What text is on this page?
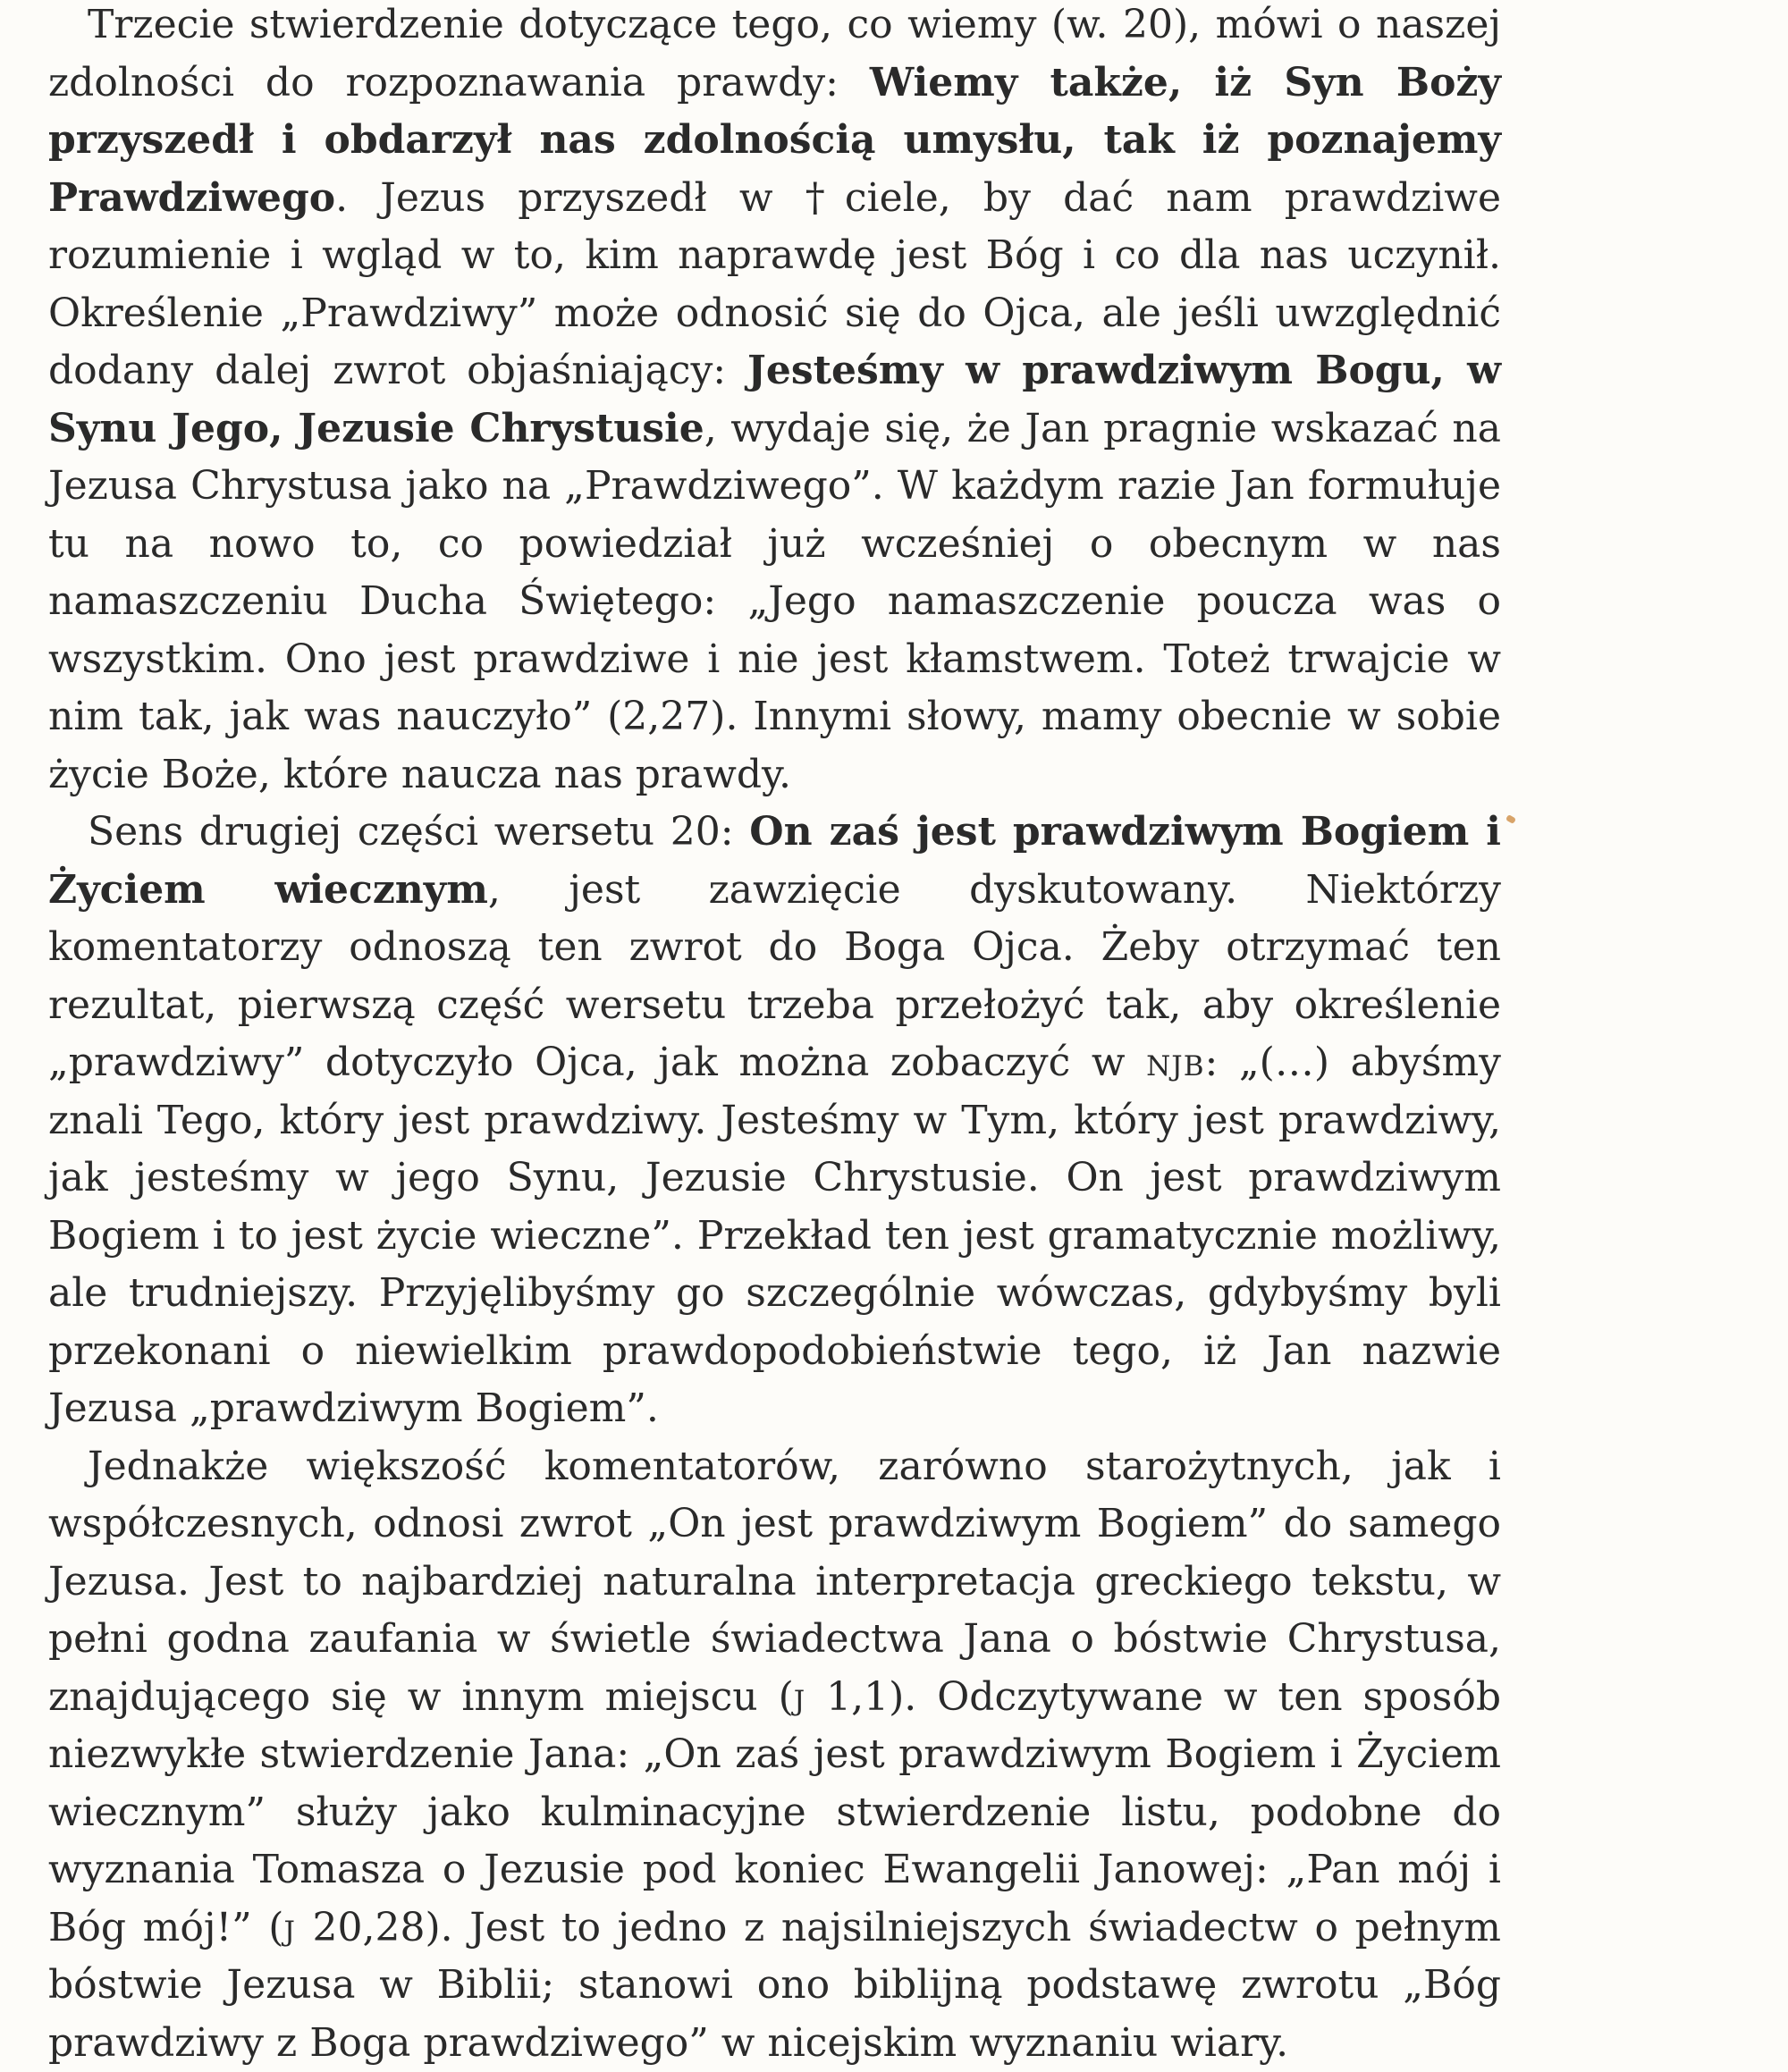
Trzecie stwierdzenie dotyczące tego, co wiemy (w. 20), mówi o naszej zdolności do rozpoznawania prawdy: Wiemy także, iż Syn Boży przyszedł i obdarzył nas zdolnością umysłu, tak iż poznajemy Prawdziwego. Jezus przyszedł w †ciele, by dać nam prawdziwe rozumienie i wgląd w to, kim naprawdę jest Bóg i co dla nas uczynił. Określenie „Prawdziwy” może odnosić się do Ojca, ale jeśli uwzględnić dodany dalej zwrot objaśniający: Jesteśmy w prawdziwym Bogu, w Synu Jego, Jezusie Chrystusie, wydaje się, że Jan pragnie wskazać na Jezusa Chrystusa jako na „Prawdziwego”. W każdym razie Jan formułuje tu na nowo to, co powiedział już wcześniej o obecnym w nas namaszczeniu Ducha Świętego: „Jego namaszczenie poucza was o wszystkim. Ono jest prawdziwe i nie jest kłamstwem. Toteż trwajcie w nim tak, jak was nauczyło” (2,27). Innymi słowy, mamy obecnie w sobie życie Boże, które naucza nas prawdy.

Sens drugiej części wersetu 20: On zaś jest prawdziwym Bogiem i Życiem wiecznym, jest zawzięcie dyskutowany. Niektórzy komentatorzy odnoszą ten zwrot do Boga Ojca. Żeby otrzymać ten rezultat, pierwszą część wersetu trzeba przełożyć tak, aby określenie „prawdziwy” dotyczyło Ojca, jak można zobaczyć w njb: „(…) abyśmy znali Tego, który jest prawdziwy. Jesteśmy w Tym, który jest prawdziwy, jak jesteśmy w jego Synu, Jezusie Chrystusie. On jest prawdziwym Bogiem i to jest życie wieczne”. Przekład ten jest gramatycznie możliwy, ale trudniejszy. Przyjęlibyśmy go szczególnie wówczas, gdybyśmy byli przekonani o niewielkim prawdopodobieństwie tego, iż Jan nazwie Jezusa „prawdziwym Bogiem”.

Jednakże większość komentatorów, zarówno starożytnych, jak i współczesnych, odnosi zwrot „On jest prawdziwym Bogiem” do samego Jezusa. Jest to najbardziej naturalna interpretacja greckiego tekstu, w pełni godna zaufania w świetle świadectwa Jana o bóstwie Chrystusa, znajdującego się w innym miejscu (j 1,1). Odczytywane w ten sposób niezwykłe stwierdzenie Jana: „On zaś jest prawdziwym Bogiem i Życiem wiecznym” służy jako kulminacyjne stwierdzenie listu, podobne do wyznania Tomasza o Jezusie pod koniec Ewangelii Janowej: „Pan mój i Bóg mój!” (j 20,28). Jest to jedno z najsilniejszych świadectw o pełnym bóstwie Jezusa w Biblii; stanowi ono biblijną podstawę zwrotu „Bóg prawdziwy z Boga prawdziwego” w nicejskim wyznaniu wiary.
